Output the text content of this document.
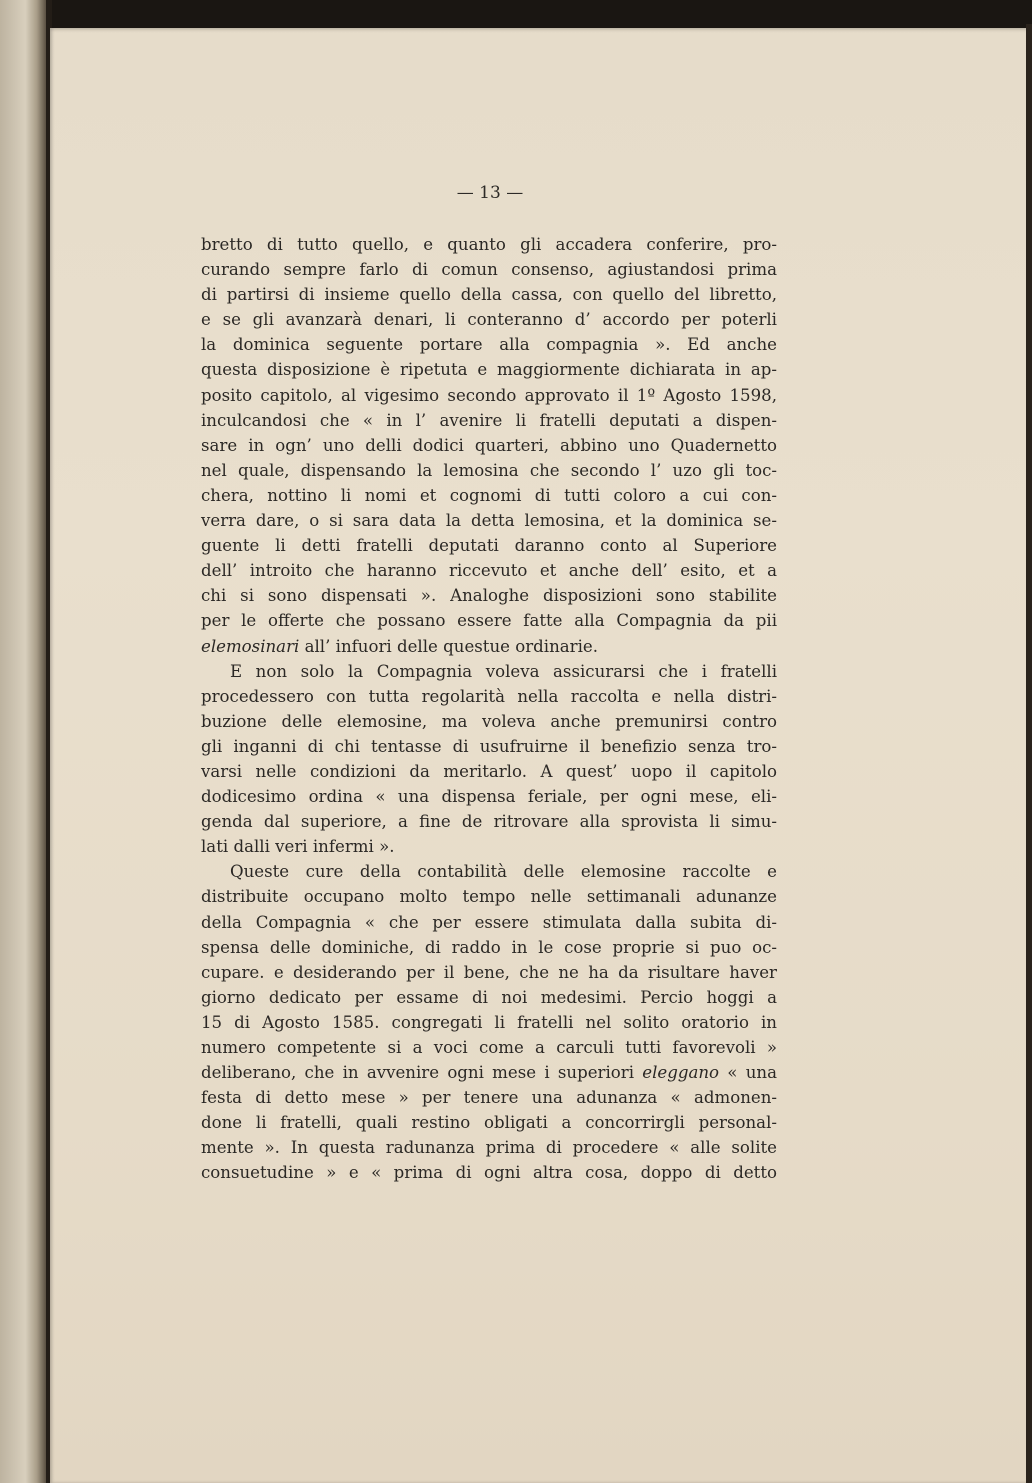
— 13 —
bretto di tutto quello, e quanto gli accadera conferire, pro-
curando sempre farlo di comun consenso, agiustandosi prima
di partirsi di insieme quello della cassa, con quello del libretto,
e se gli avanzarà denari, li conteranno d’ accordo per poterli
la dominica seguente portare alla compagnia ». Ed anche
questa disposizione è ripetuta e maggiormente dichiarata in ap-
posito capitolo, al vigesimo secondo approvato il 1º Agosto 1598,
inculcandosi che « in l’ avenire li fratelli deputati a dispen-
sare in ogn’ uno delli dodici quarteri, abbino uno Quadernetto
nel quale, dispensando la lemosina che secondo l’ uzo gli toc-
chera, nottino li nomi et cognomi di tutti coloro a cui con-
verra dare, o si sara data la detta lemosina, et la dominica se-
guente li detti fratelli deputati daranno conto al Superiore
dell’ introito che haranno riccevuto et anche dell’ esito, et a
chi si sono dispensati ». Analoghe disposizioni sono stabilite
per le offerte che possano essere fatte alla Compagnia da pii
elemosinari all’ infuori delle questue ordinarie.
E non solo la Compagnia voleva assicurarsi che i fratelli
procedessero con tutta regolarità nella raccolta e nella distri-
buzione delle elemosine, ma voleva anche premunirsi contro
gli inganni di chi tentasse di usufruirne il benefizio senza tro-
varsi nelle condizioni da meritarlo. A quest’ uopo il capitolo
dodicesimo ordina « una dispensa feriale, per ogni mese, eli-
genda dal superiore, a fine de ritrovare alla sprovista li simu-
lati dalli veri infermi ».
Queste cure della contabilità delle elemosine raccolte e
distribuite occupano molto tempo nelle settimanali adunanze
della Compagnia « che per essere stimulata dalla subita di-
spensa delle dominiche, di raddo in le cose proprie si puo oc-
cupare. e desiderando per il bene, che ne ha da risultare haver
giorno dedicato per essame di noi medesimi. Percio hoggi a
15 di Agosto 1585. congregati li fratelli nel solito oratorio in
numero competente si a voci come a carculi tutti favorevoli »
deliberano, che in avvenire ogni mese i superiori eleggano « una
festa di detto mese » per tenere una adunanza « admonen-
done li fratelli, quali restino obligati a concorrirgli personal-
mente ». In questa radunanza prima di procedere « alle solite
consuetudine » e « prima di ogni altra cosa, doppo di detto
